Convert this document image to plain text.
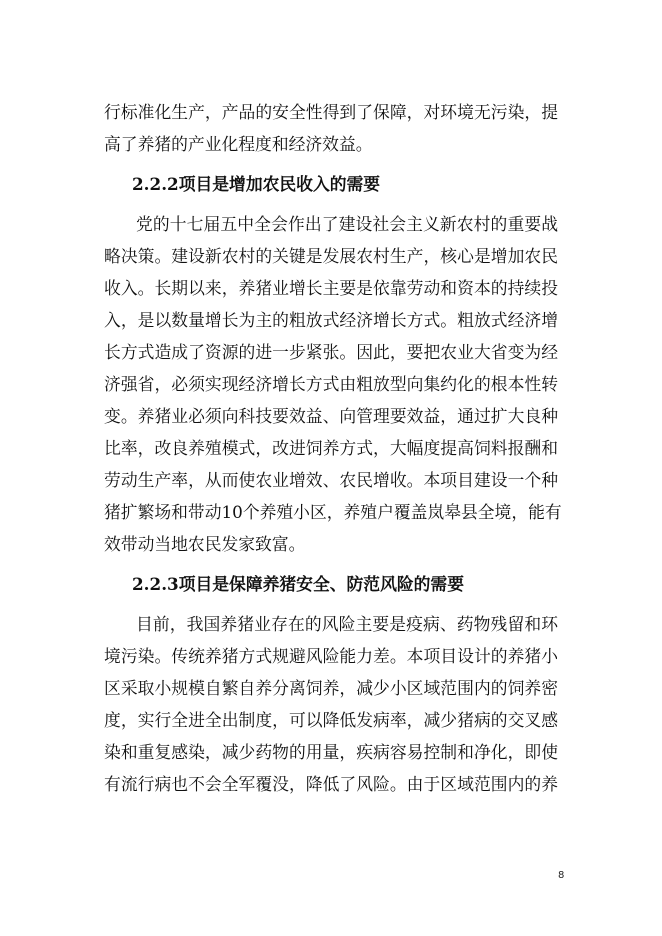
行标准化生产，产品的安全性得到了保障，对环境无污染，提
高了养猪的产业化程度和经济效益。
2.2.2项目是增加农民收入的需要
党的十七届五中全会作出了建设社会主义新农村的重要战
略决策。建设新农村的关键是发展农村生产，核心是增加农民
收入。长期以来，养猪业增长主要是依靠劳动和资本的持续投
入，是以数量增长为主的粗放式经济增长方式。粗放式经济增
长方式造成了资源的进一步紧张。因此，要把农业大省变为经
济强省，必须实现经济增长方式由粗放型向集约化的根本性转
变。养猪业必须向科技要效益、向管理要效益，通过扩大良种
比率，改良养殖模式，改进饲养方式，大幅度提高饲料报酬和
劳动生产率，从而使农业增效、农民增收。本项目建设一个种
猪扩繁场和带动10个养殖小区，养殖户覆盖岚皋县全境，能有
效带动当地农民发家致富。
2.2.3项目是保障养猪安全、防范风险的需要
目前，我国养猪业存在的风险主要是疫病、药物残留和环
境污染。传统养猪方式规避风险能力差。本项目设计的养猪小
区采取小规模自繁自养分离饲养，减少小区域范围内的饲养密
度，实行全进全出制度，可以降低发病率，减少猪病的交叉感
染和重复感染，减少药物的用量，疾病容易控制和净化，即使
有流行病也不会全军覆没，降低了风险。由于区域范围内的养
8
